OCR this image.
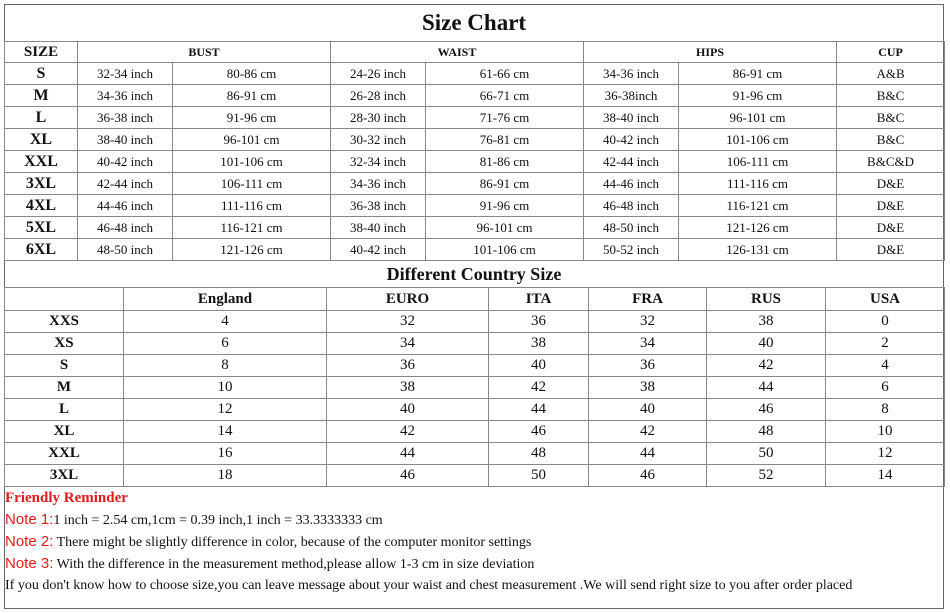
Size Chart
SIZE	BUST		WAIST		HIPS		CUP
S	32-34 inch	80-86 cm	24-26 inch	61-66 cm	34-36 inch	86-91 cm	A&B
M	34-36 inch	86-91 cm	26-28 inch	66-71 cm	36-38inch	91-96 cm	B&C
L	36-38 inch	91-96 cm	28-30 inch	71-76 cm	38-40 inch	96-101 cm	B&C
XL	38-40 inch	96-101 cm	30-32 inch	76-81 cm	40-42 inch	101-106 cm	B&C
XXL	40-42 inch	101-106 cm	32-34 inch	81-86 cm	42-44 inch	106-111 cm	B&C&D
3XL	42-44 inch	106-111 cm	34-36 inch	86-91 cm	44-46 inch	111-116 cm	D&E
4XL	44-46 inch	111-116 cm	36-38 inch	91-96 cm	46-48 inch	116-121 cm	D&E
5XL	46-48 inch	116-121 cm	38-40 inch	96-101 cm	48-50 inch	121-126 cm	D&E
6XL	48-50 inch	121-126 cm	40-42 inch	101-106 cm	50-52 inch	126-131 cm	D&E
Different Country Size
	England	EURO	ITA	FRA	RUS	USA
XXS	4	32	36	32	38	0
XS	6	34	38	34	40	2
S	8	36	40	36	42	4
M	10	38	42	38	44	6
L	12	40	44	40	46	8
XL	14	42	46	42	48	10
XXL	16	44	48	44	50	12
3XL	18	46	50	46	52	14
Friendly Reminder
Note 1:1 inch = 2.54 cm,1cm = 0.39 inch,1 inch = 33.3333333 cm
Note 2: There might be slightly difference in color, because of the computer monitor settings
Note 3: With the difference in the measurement method,please allow 1-3 cm in size deviation
If you don't know how to choose size,you can leave message about your waist and chest measurement .We will send right size to you after order placed
